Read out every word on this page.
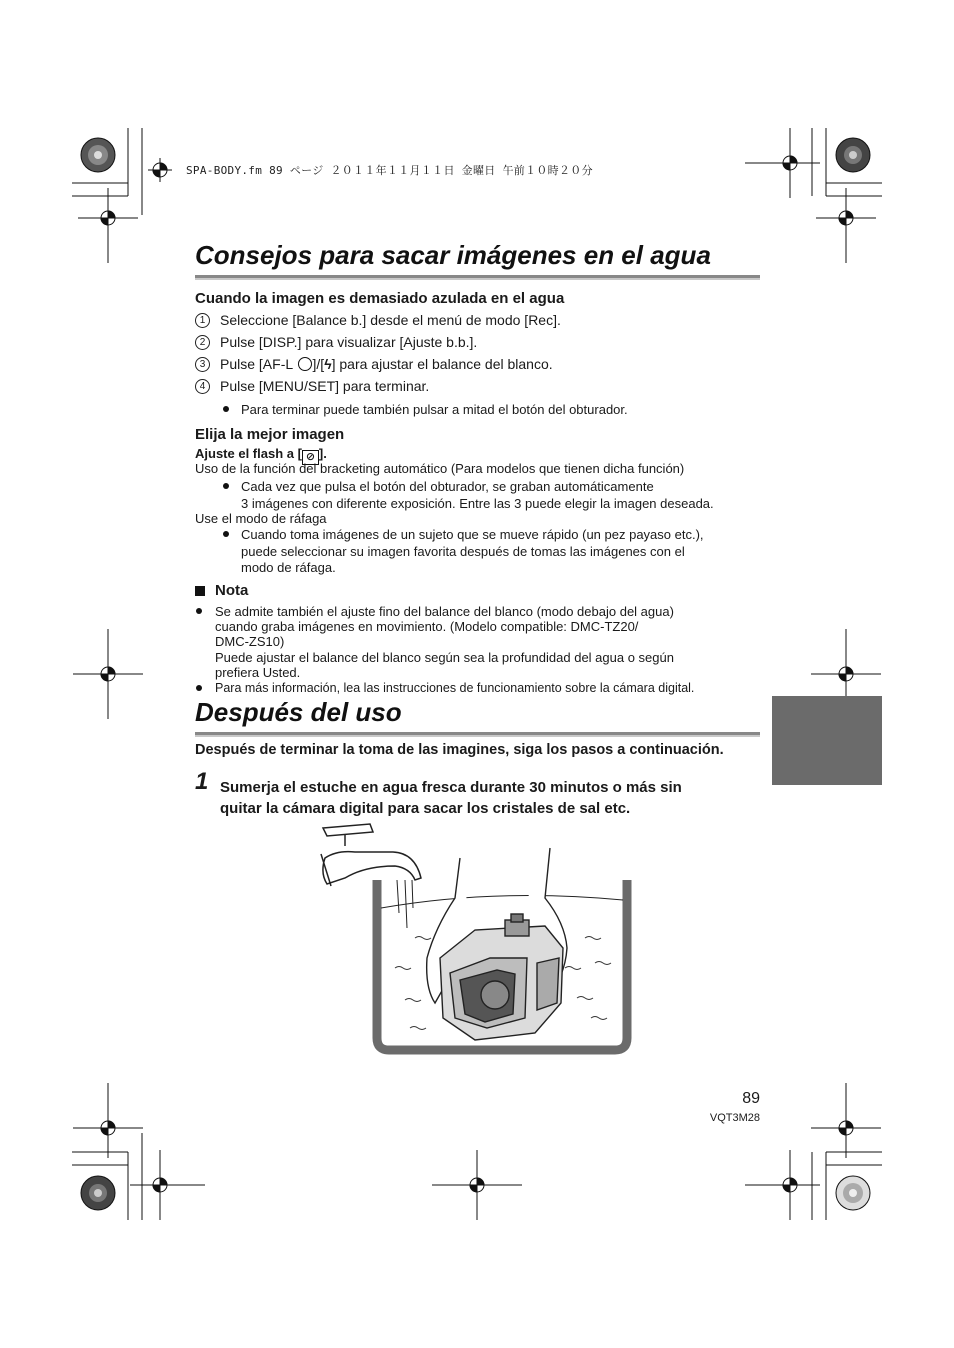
SPA-BODY.fm 89 ページ ２０１１年１１月１１日 金曜日 午前１０時２０分
Consejos para sacar imágenes en el agua
Cuando la imagen es demasiado azulada en el agua
1	Seleccione [Balance b.] desde el menú de modo [Rec].

2	Pulse [DISP.] para visualizar [Ajuste b.b.].

3	Pulse [AF-L ]/[ϟ] para ajustar el balance del blanco.

4	Pulse [MENU/SET] para terminar.

Para terminar puede también pulsar a mitad el botón del obturador.

Elija la mejor imagen

Ajuste el flash a [ ⊘ ].

Uso de la función del bracketing automático (Para modelos que tienen dicha función)

Cada vez que pulsa el botón del obturador, se graban automáticamente

3 imágenes con diferente exposición. Entre las 3 puede elegir la imagen deseada.

Use el modo de ráfaga

Cuando toma imágenes de un sujeto que se mueve rápido (un pez payaso etc.),

puede seleccionar su imagen favorita después de tomas las imágenes con el

modo de ráfaga.

Nota

Se admite también el ajuste fino del balance del blanco (modo debajo del agua)

cuando graba imágenes en movimiento. (Modelo compatible: DMC-TZ20/

DMC-ZS10)

Puede ajustar el balance del blanco según sea la profundidad del agua o según

prefiera Usted.

Para más información, lea las instrucciones de funcionamiento sobre la cámara digital.

Después del uso

Después de terminar la toma de las imagines, siga los pasos a continuación.

1 Sumerja el estuche en agua fresca durante 30 minutos o más sin
quitar la cámara digital para sacar los cristales de sal etc.

89
VQT3M28
